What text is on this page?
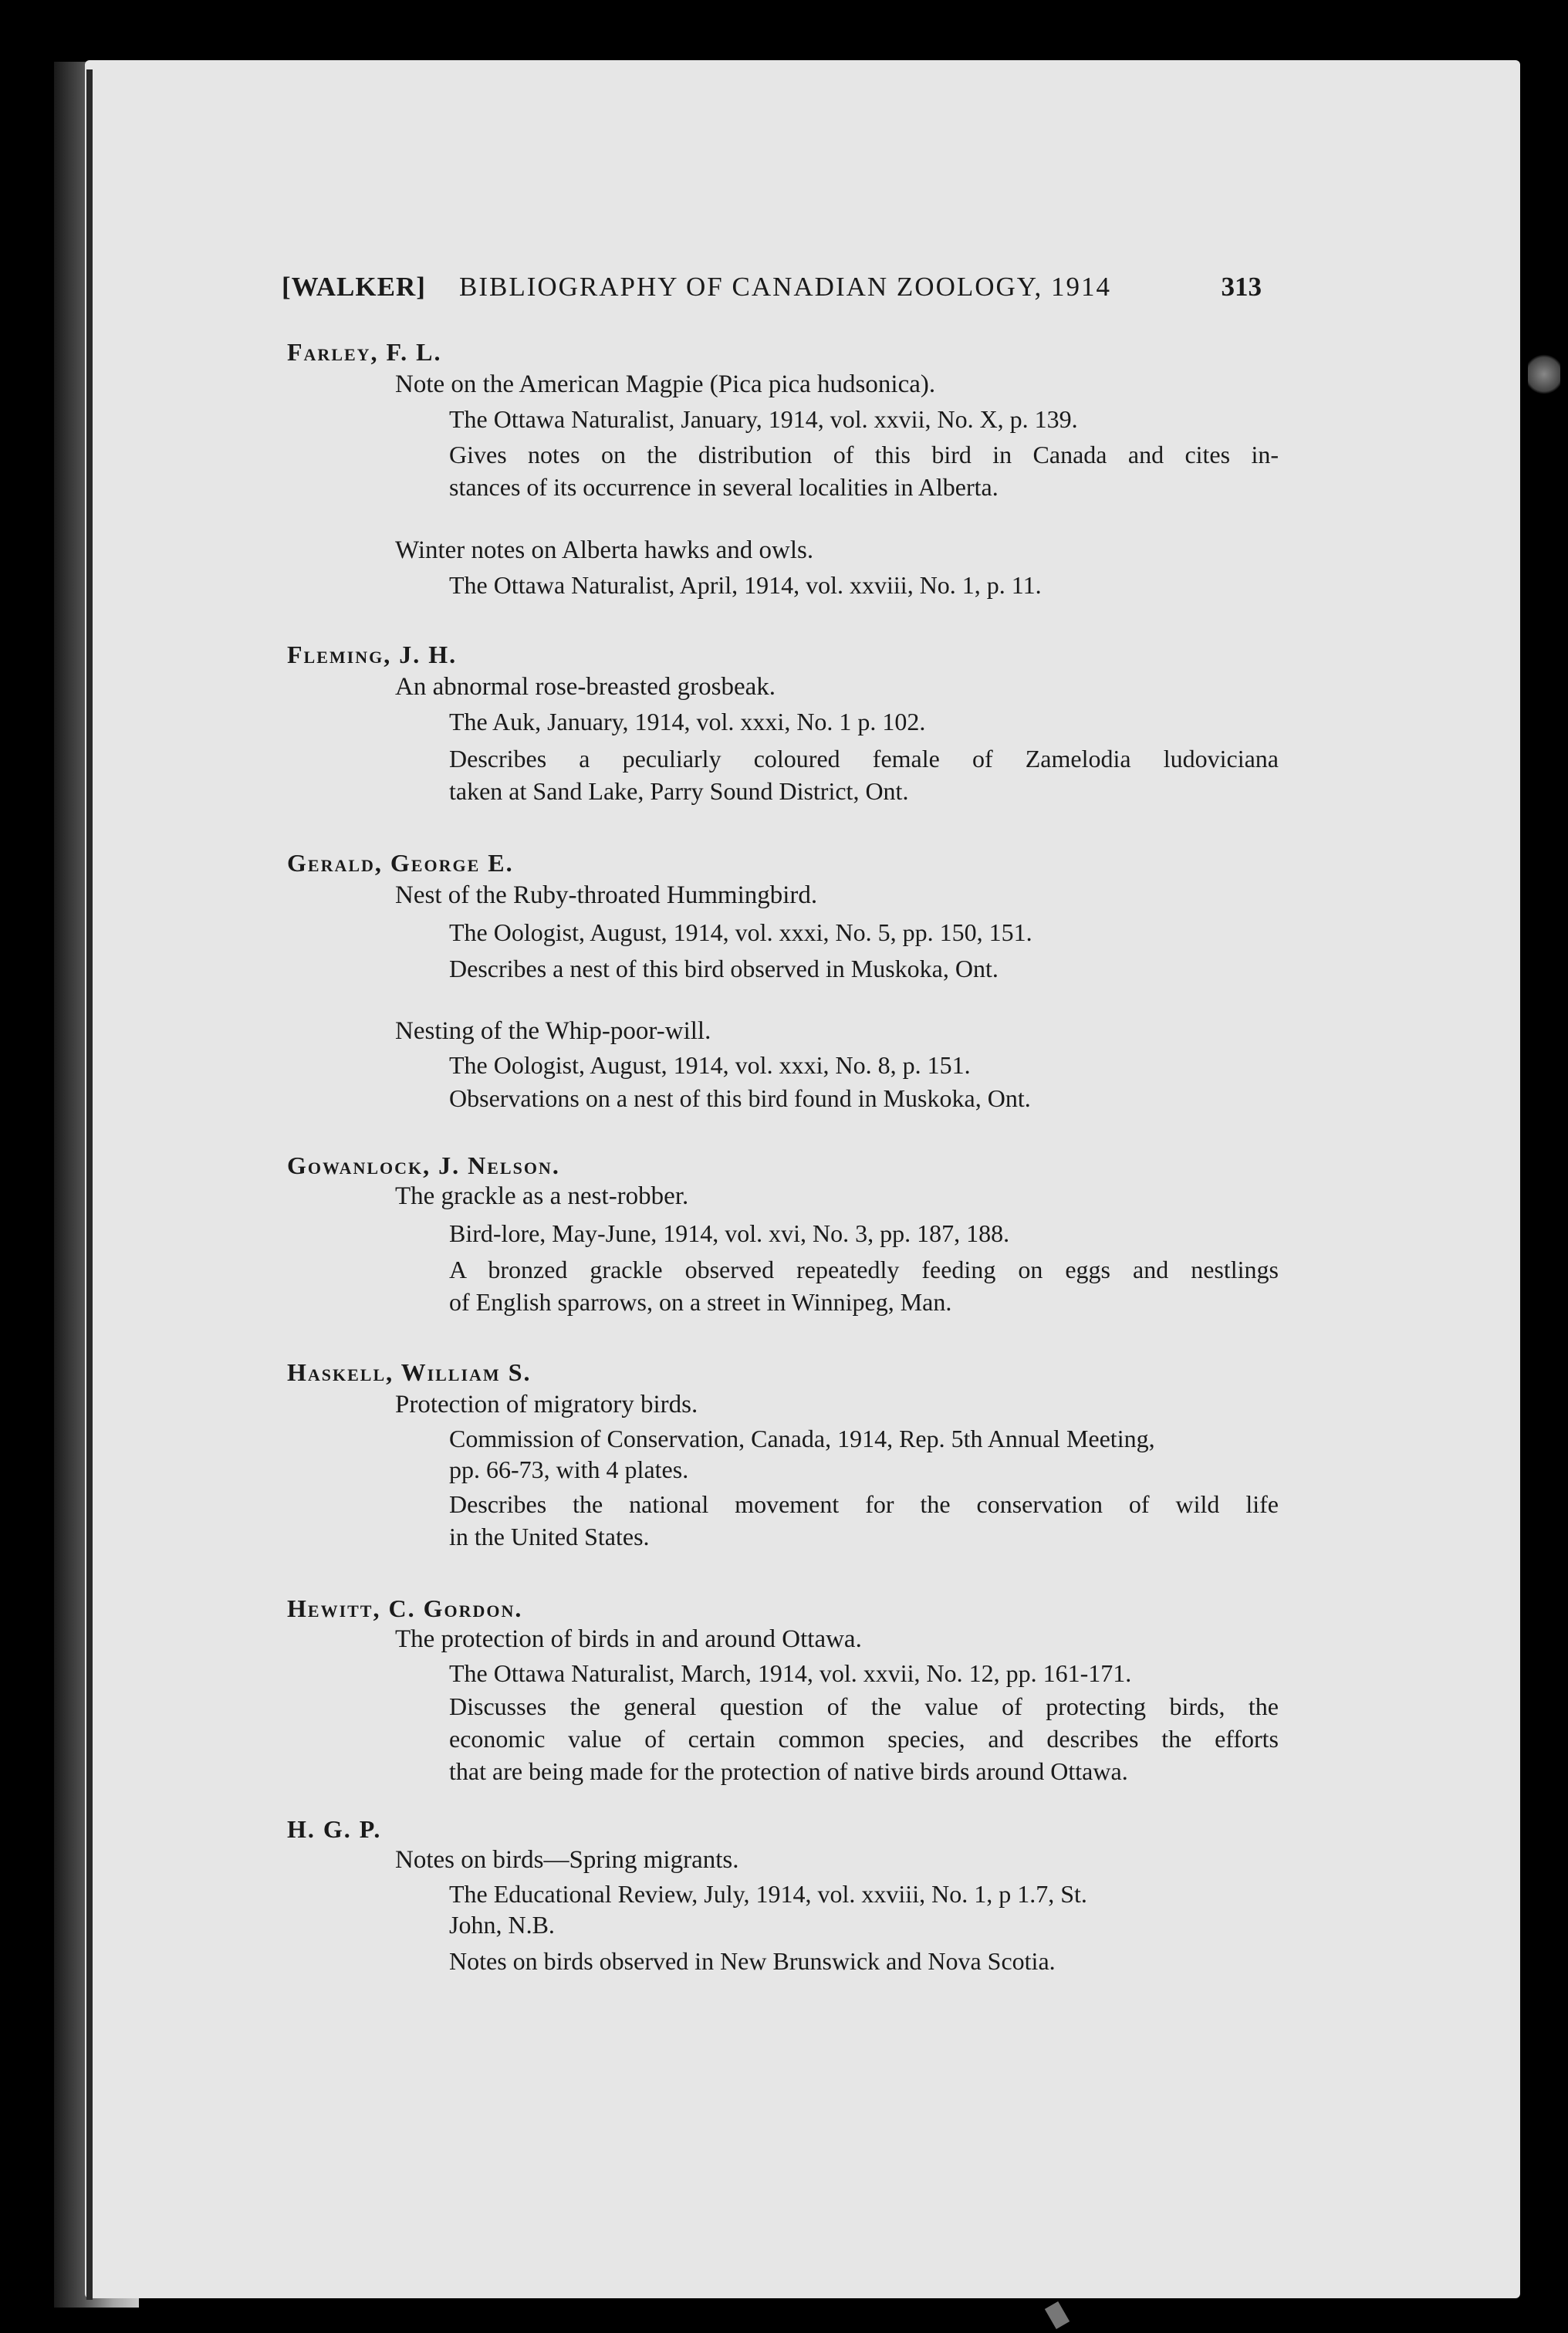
[WALKER] BIBLIOGRAPHY OF CANADIAN ZOOLOGY, 1914	313
Farley, F. L.
Note on the American Magpie (Pica pica hudsonica).
The Ottawa Naturalist, January, 1914, vol. xxvii, No. X, p. 139.
Gives notes on the distribution of this bird in Canada and cites in-
stances of its occurrence in several localities in Alberta.
Winter notes on Alberta hawks and owls.
The Ottawa Naturalist, April, 1914, vol. xxviii, No. 1, p. 11.
Fleming, J. H.
An abnormal rose-breasted grosbeak.
The Auk, January, 1914, vol. xxxi, No. 1 p. 102.
Describes a peculiarly coloured female of Zamelodia ludoviciana
taken at Sand Lake, Parry Sound District, Ont.
Gerald, George E.
Nest of the Ruby-throated Hummingbird.
The Oologist, August, 1914, vol. xxxi, No. 5, pp. 150, 151.
Describes a nest of this bird observed in Muskoka, Ont.
Nesting of the Whip-poor-will.
The Oologist, August, 1914, vol. xxxi, No. 8, p. 151.
Observations on a nest of this bird found in Muskoka, Ont.
Gowanlock, J. Nelson.
The grackle as a nest-robber.
Bird-lore, May-June, 1914, vol. xvi, No. 3, pp. 187, 188.
A bronzed grackle observed repeatedly feeding on eggs and nestlings
of English sparrows, on a street in Winnipeg, Man.
Haskell, William S.
Protection of migratory birds.
Commission of Conservation, Canada, 1914, Rep. 5th Annual Meeting,
pp. 66-73, with 4 plates.
Describes the national movement for the conservation of wild life
in the United States.
Hewitt, C. Gordon.
The protection of birds in and around Ottawa.
The Ottawa Naturalist, March, 1914, vol. xxvii, No. 12, pp. 161-171.
Discusses the general question of the value of protecting birds, the
economic value of certain common species, and describes the efforts
that are being made for the protection of native birds around Ottawa.
H. G. P.
Notes on birds—Spring migrants.
The Educational Review, July, 1914, vol. xxviii, No. 1, p 1.7, St.
John, N.B.
Notes on birds observed in New Brunswick and Nova Scotia.
